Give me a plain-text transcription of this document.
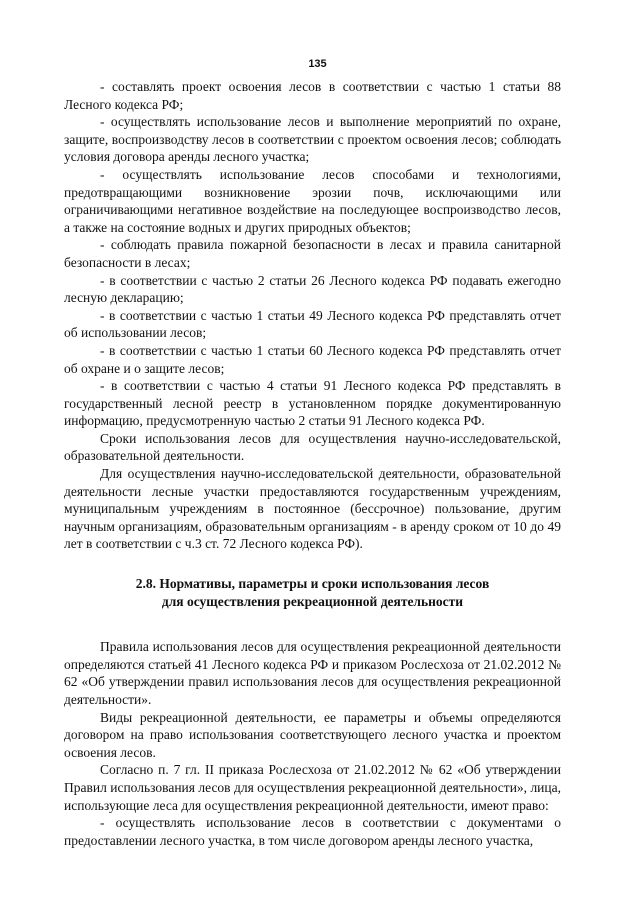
135

- составлять проект освоения лесов в соответствии с частью 1 статьи 88 Лесного кодекса РФ;

- осуществлять использование лесов и выполнение мероприятий по охране, защите, воспроизводству лесов в соответствии с проектом освоения лесов; соблюдать условия договора аренды лесного участка;

- осуществлять использование лесов способами и технологиями, предотвращающими возникновение эрозии почв, исключающими или ограничивающими негативное воздействие на последующее воспроизводство лесов, а также на состояние водных и других природных объектов;

- соблюдать правила пожарной безопасности в лесах и правила санитарной безопасности в лесах;

- в соответствии с частью 2 статьи 26 Лесного кодекса РФ подавать ежегодно лесную декларацию;

- в соответствии с частью 1 статьи 49 Лесного кодекса РФ представлять отчет об использовании лесов;

- в соответствии с частью 1 статьи 60 Лесного кодекса РФ представлять отчет об охране и о защите лесов;

- в соответствии с частью 4 статьи 91 Лесного кодекса РФ представлять в государственный лесной реестр в установленном порядке документированную информацию, предусмотренную частью 2 статьи 91 Лесного кодекса РФ.

Сроки использования лесов для осуществления научно-исследовательской, образовательной деятельности.

Для осуществления научно-исследовательской деятельности, образовательной деятельности лесные участки предоставляются государственным учреждениям, муниципальным учреждениям в постоянное (бессрочное) пользование, другим научным организациям, образовательным организациям - в аренду сроком от 10 до 49 лет в соответствии с ч.3 ст. 72 Лесного кодекса РФ).

2.8. Нормативы, параметры и сроки использования лесов
для осуществления рекреационной деятельности

Правила использования лесов для осуществления рекреационной деятельности определяются статьей 41 Лесного кодекса РФ и приказом Рослесхоза от 21.02.2012 № 62 «Об утверждении правил использования лесов для осуществления рекреационной деятельности».

Виды рекреационной деятельности, ее параметры и объемы определяются договором на право использования соответствующего лесного участка и проектом освоения лесов.

Согласно п. 7 гл. II приказа Рослесхоза от 21.02.2012 № 62 «Об утверждении Правил использования лесов для осуществления рекреационной деятельности», лица, использующие леса для осуществления рекреационной деятельности, имеют право:

- осуществлять использование лесов в соответствии с документами о предоставлении лесного участка, в том числе договором аренды лесного участка,
